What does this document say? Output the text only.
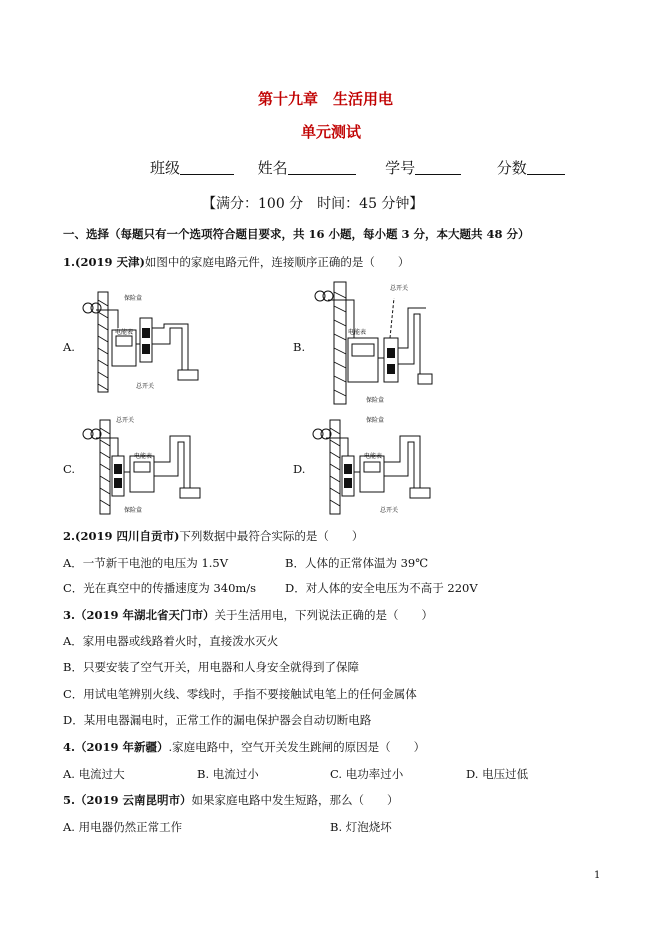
第十九章　生活用电
单元测试
班级	姓名	学号	分数
【满分：100 分　时间：45 分钟】
一、选择（每题只有一个选项符合题目要求，共 16 小题，每小题 3 分，本大题共 48 分）
1.(2019 天津)如图中的家庭电路元件，连接顺序正确的是（　　）
A.
保险盒
电能表
总开关
B.
总开关
电能表
保险盒
C.
总开关
电能表
保险盒
D.
保险盒
电能表
总开关
2.(2019 四川自贡市)下列数据中最符合实际的是（　　）
A．一节新干电池的电压为 1.5V	B．人体的正常体温为 39℃
C．光在真空中的传播速度为 340m/s	D．对人体的安全电压为不高于 220V
3.（2019 年湖北省天门市）关于生活用电，下列说法正确的是（　　）
A．家用电器或线路着火时，直接泼水灭火
B．只要安装了空气开关，用电器和人身安全就得到了保障
C．用试电笔辨别火线、零线时，手指不要接触试电笔上的任何金属体
D．某用电器漏电时，正常工作的漏电保护器会自动切断电路
4.（2019 年新疆）.家庭电路中，空气开关发生跳闸的原因是（　　）
A. 电流过大	B. 电流过小	C. 电功率过小	D. 电压过低
5.（2019 云南昆明市）如果家庭电路中发生短路，那么（　　）
A. 用电器仍然正常工作	B. 灯泡烧坏
1
